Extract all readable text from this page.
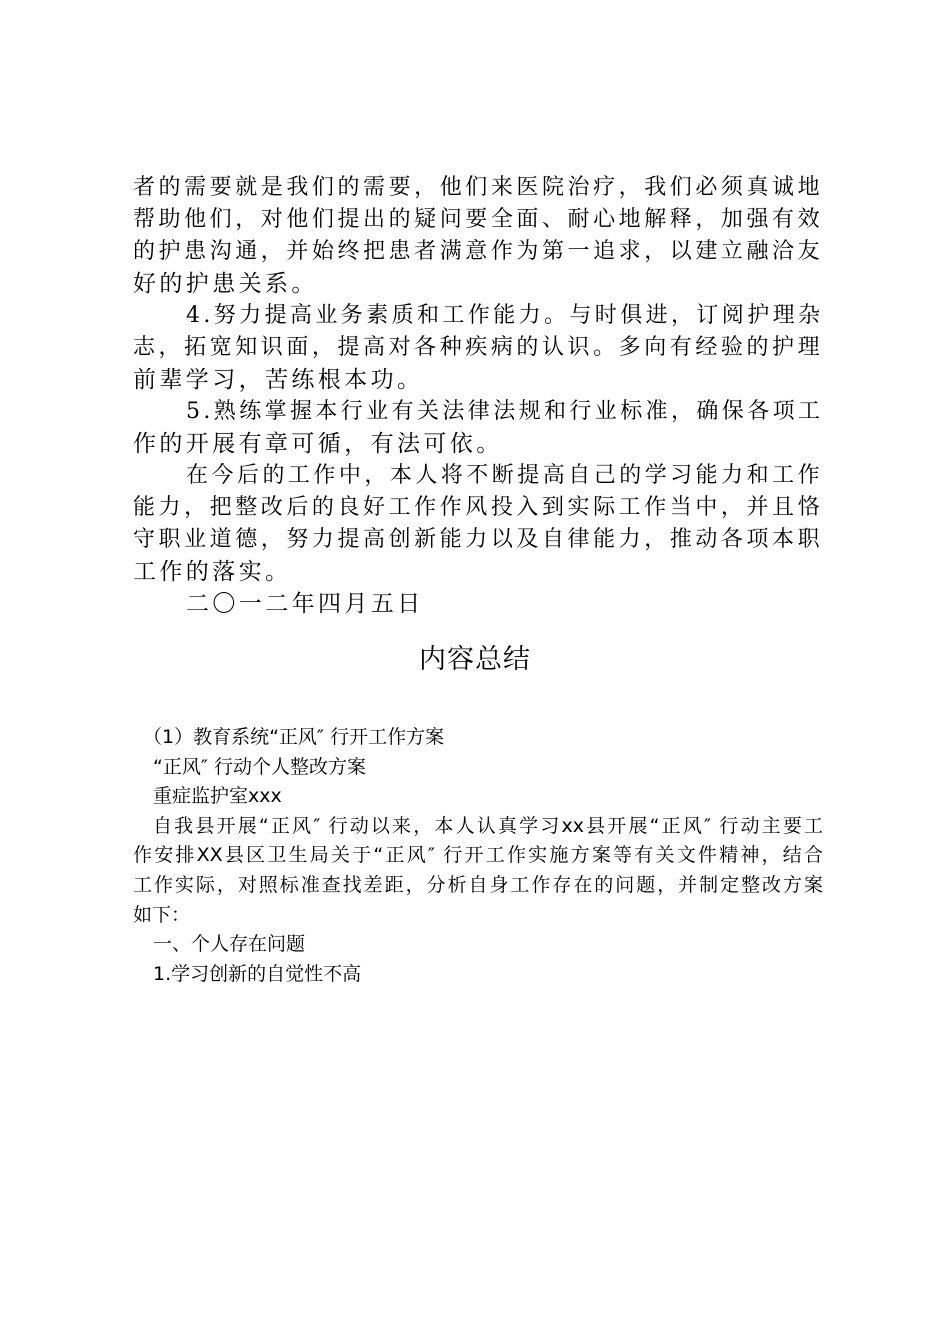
者的需要就是我们的需要，他们来医院治疗，我们必须真诚地

帮助他们，对他们提出的疑问要全面、耐心地解释，加强有效

的护患沟通，并始终把患者满意作为第一追求，以建立融洽友

好的护患关系。

4.努力提高业务素质和工作能力。与时俱进，订阅护理杂

志，拓宽知识面，提高对各种疾病的认识。多向有经验的护理

前辈学习，苦练根本功。

5.熟练掌握本行业有关法律法规和行业标准，确保各项工

作的开展有章可循，有法可依。

在今后的工作中，本人将不断提高自己的学习能力和工作

能力，把整改后的良好工作作风投入到实际工作当中，并且恪

守职业道德，努力提高创新能力以及自律能力，推动各项本职

工作的落实。

二〇一二年四月五日

内容总结

（1）教育系统“正风″ 行开工作方案

“正风″ 行动个人整改方案

重症监护室xxx

自我县开展“正风″ 行动以来，本人认真学习xx县开展“正风″ 行动主要工

作安排XX县区卫生局关于“正风″ 行开工作实施方案等有关文件精神，结合

工作实际，对照标准查找差距，分析自身工作存在的问题，并制定整改方案

如下：

一、个人存在问题

1.学习创新的自觉性不高
